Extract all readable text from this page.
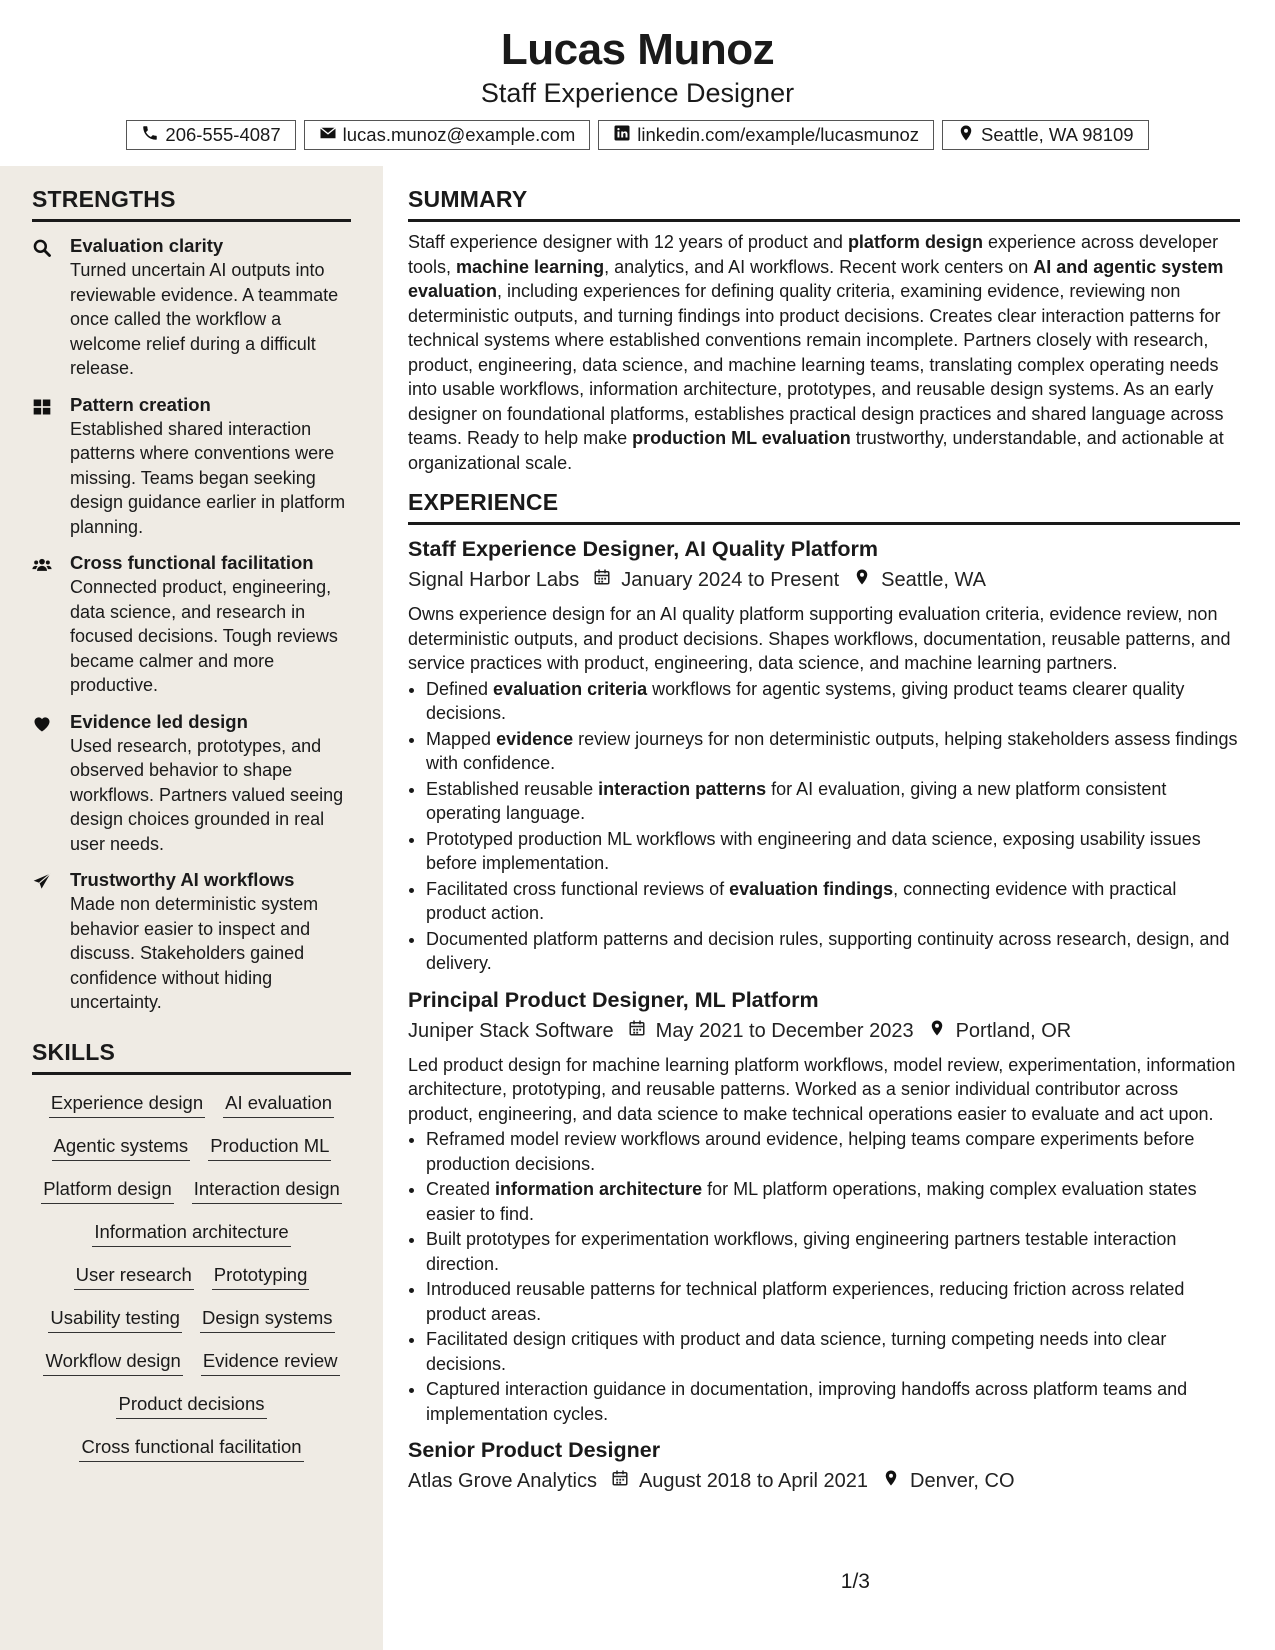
Lucas Munoz
Staff Experience Designer
206-555-4087	lucas.munoz@example.com	linkedin.com/example/lucasmunoz	Seattle, WA 98109
STRENGTHS
Evaluation clarity
Turned uncertain AI outputs into reviewable evidence. A teammate once called the workflow a welcome relief during a difficult release.
Pattern creation
Established shared interaction patterns where conventions were missing. Teams began seeking design guidance earlier in platform planning.
Cross functional facilitation
Connected product, engineering, data science, and research in focused decisions. Tough reviews became calmer and more productive.
Evidence led design
Used research, prototypes, and observed behavior to shape workflows. Partners valued seeing design choices grounded in real user needs.
Trustworthy AI workflows
Made non deterministic system behavior easier to inspect and discuss. Stakeholders gained confidence without hiding uncertainty.
SKILLS
Experience design AI evaluation
Agentic systems Production ML
Platform design Interaction design
Information architecture
User research Prototyping
Usability testing Design systems
Workflow design Evidence review
Product decisions
Cross functional facilitation
SUMMARY
Staff experience designer with 12 years of product and platform design experience across developer tools, machine learning, analytics, and AI workflows. Recent work centers on AI and agentic system evaluation, including experiences for defining quality criteria, examining evidence, reviewing non deterministic outputs, and turning findings into product decisions. Creates clear interaction patterns for technical systems where established conventions remain incomplete. Partners closely with research, product, engineering, data science, and machine learning teams, translating complex operating needs into usable workflows, information architecture, prototypes, and reusable design systems. As an early designer on foundational platforms, establishes practical design practices and shared language across teams. Ready to help make production ML evaluation trustworthy, understandable, and actionable at organizational scale.
EXPERIENCE
Staff Experience Designer, AI Quality Platform
Signal Harbor Labs January 2024 to Present Seattle, WA
Owns experience design for an AI quality platform supporting evaluation criteria, evidence review, non deterministic outputs, and product decisions. Shapes workflows, documentation, reusable patterns, and service practices with product, engineering, data science, and machine learning partners.
• Defined evaluation criteria workflows for agentic systems, giving product teams clearer quality decisions.
• Mapped evidence review journeys for non deterministic outputs, helping stakeholders assess findings with confidence.
• Established reusable interaction patterns for AI evaluation, giving a new platform consistent operating language.
• Prototyped production ML workflows with engineering and data science, exposing usability issues before implementation.
• Facilitated cross functional reviews of evaluation findings, connecting evidence with practical product action.
• Documented platform patterns and decision rules, supporting continuity across research, design, and delivery.
Principal Product Designer, ML Platform
Juniper Stack Software May 2021 to December 2023 Portland, OR
Led product design for machine learning platform workflows, model review, experimentation, information architecture, prototyping, and reusable patterns. Worked as a senior individual contributor across product, engineering, and data science to make technical operations easier to evaluate and act upon.
• Reframed model review workflows around evidence, helping teams compare experiments before production decisions.
• Created information architecture for ML platform operations, making complex evaluation states easier to find.
• Built prototypes for experimentation workflows, giving engineering partners testable interaction direction.
• Introduced reusable patterns for technical platform experiences, reducing friction across related product areas.
• Facilitated design critiques with product and data science, turning competing needs into clear decisions.
• Captured interaction guidance in documentation, improving handoffs across platform teams and implementation cycles.
Senior Product Designer
Atlas Grove Analytics August 2018 to April 2021 Denver, CO
1/3
